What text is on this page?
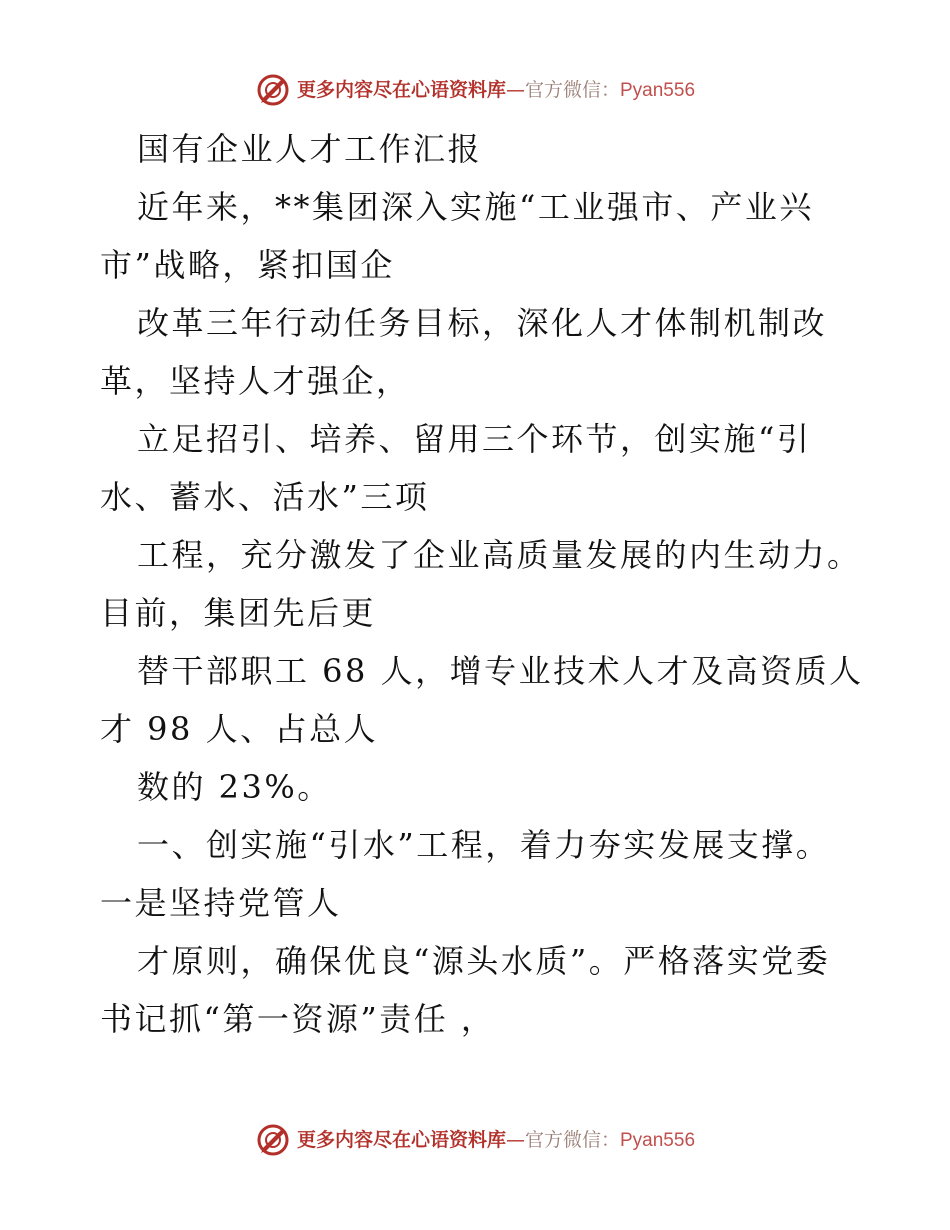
更多内容尽在心语资料库—官方微信：Pyan556
国有企业人才工作汇报
近年来，**集团深入实施“工业强市、产业兴
市”战略，紧扣国企
改革三年行动任务目标，深化人才体制机制改
革，坚持人才强企，
立足招引、培养、留用三个环节，创实施“引
水、蓄水、活水”三项
工程，充分激发了企业高质量发展的内生动力。
目前，集团先后更
替干部职工 68 人，增专业技术人才及高资质人
才 98 人、占总人
数的 23%。
一、创实施“引水”工程，着力夯实发展支撑。
一是坚持党管人
才原则，确保优良“源头水质”。严格落实党委
书记抓“第一资源”责任 ，
更多内容尽在心语资料库—官方微信：Pyan556
